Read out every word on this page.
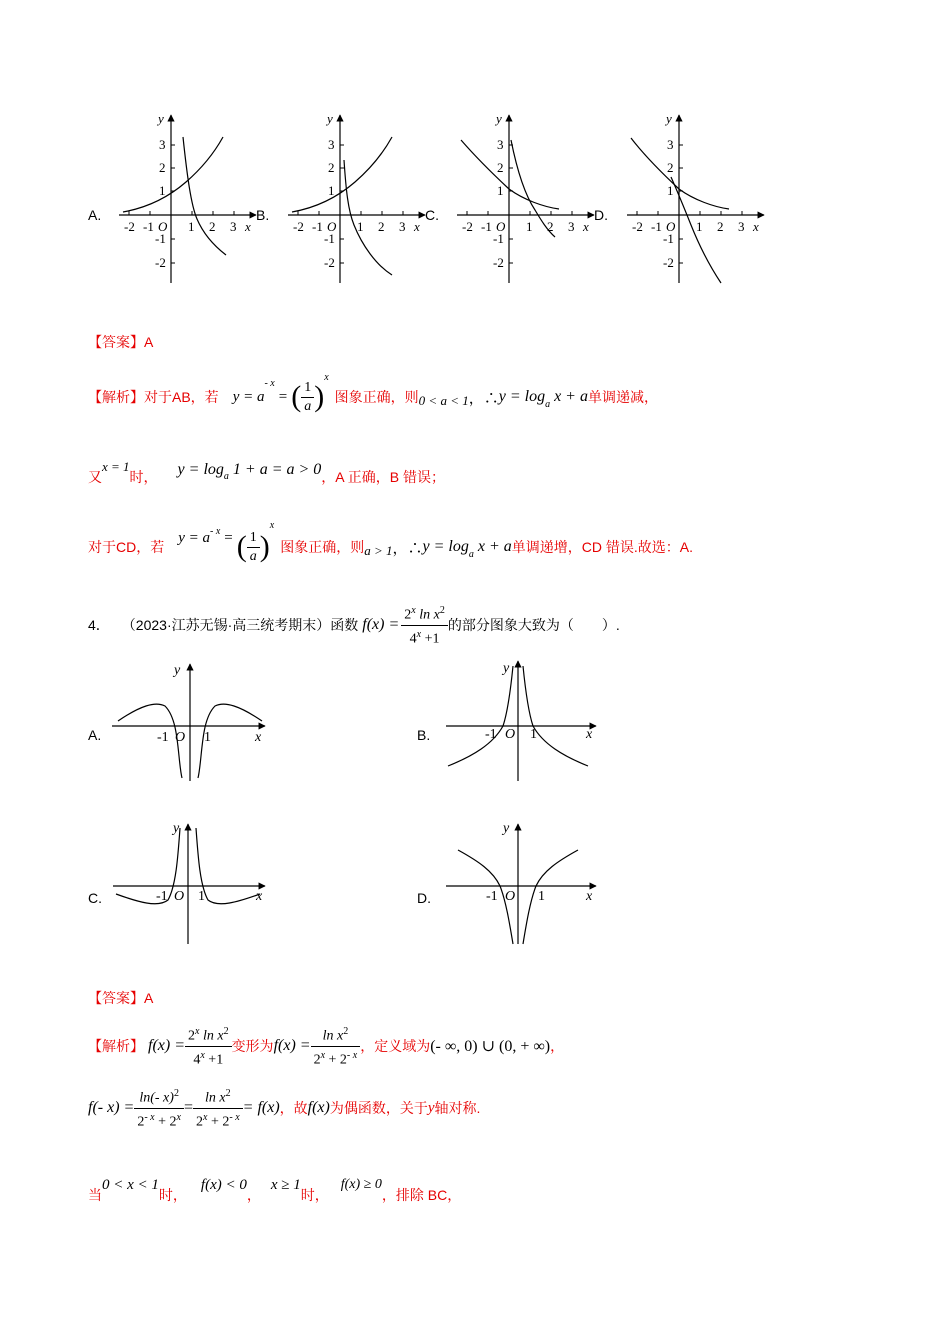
-2 -1 O 1 2 3 x
y
3
2
1
-1
-2
-2 -1 O 1 2 3 x
y
3
2
1
-1
-2
-2 -1 O 1 2 3 x
y
3
2
1
-1
-2
-2 -1 O 1 2 3 x
y
3
2
1
-1
-2
A.	B.	C.	D.
【答案】A
【解析】 对于AB，若 y = a
$^{- x}$
= ( $\frac{1}{a}$ )
$^x$
图象正确，则 0 < a < 1 ，∴ $y = \log_a x + a$ 单调递减，
又
x = 1
时， $y = \log_a 1 + a = a > 0$ ，A 正确，B 错误；
对于CD，若
$y = a^{- x}$ = ( $\frac{1}{a}$ )
$^x$
图象正确，则 a > 1 ，∴ $y = \log_a x + a$ 单调递增，CD 错误.故选：A.
4． （2023·江苏无锡·高三统考期末）函数 $f(x) = \frac{2^x \ln x^2}{4^x +1}$ 的部分图象大致为（　　）.
-1 O 1	x
y
-1 O 1	x
y
-1 O 1	x
y
-1 O 1	x
y
A.	B.
C.	D.
【答案】A
【解析】 $f(x) = \frac{2^x \ln x^2}{4^x +1}$ 变形为 $f(x) = \frac{\ln x^2}{2^x + 2^{- x}}$ ，定义域为 (- ∞, 0) ∪ (0, + ∞) ，
f(- $x) = \frac{\ln(- x)^2}{2^{- x} + 2^x} = \frac{\ln x^2}{2^x + 2^{- x}} = f(x)$ ，故 f(x) 为偶函数，关于 y 轴对称.
当
0 < x < 1
时，
f(x) < 0
，
x ≥ 1
时，
f(x) ≥ 0
，排除 BC，
